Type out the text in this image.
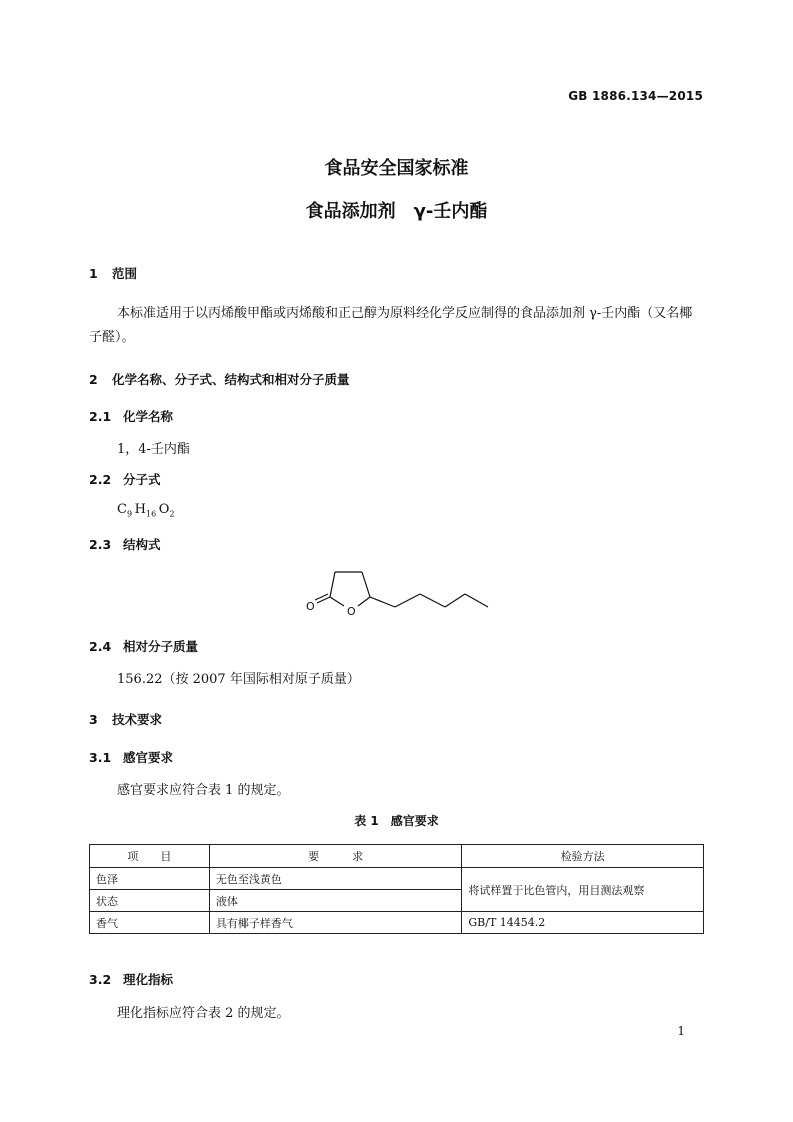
GB 1886.134—2015
食品安全国家标准
食品添加剂　γ-壬内酯
1 范围
本标准适用于以丙烯酸甲酯或丙烯酸和正己醇为原料经化学反应制得的食品添加剂 γ-壬内酯（又名椰子醛）。
2 化学名称、分子式、结构式和相对分子质量
2.1 化学名称
1，4-壬内酯
2.2 分子式
$C_9$  $H_{16}$  $O_2$
2.3 结构式
O	O
2.4 相对分子质量
156.22（按 2007 年国际相对原子质量）
3 技术要求
3.1 感官要求
感官要求应符合表 1 的规定。
表 1　感官要求
项　　目	要　　　求	检验方法
色泽	无色至浅黄色	将试样置于比色管内，用目测法观察
状态	液体	
香气	具有椰子样香气	GB/T 14454.2
3.2 理化指标
理化指标应符合表 2 的规定。
1
